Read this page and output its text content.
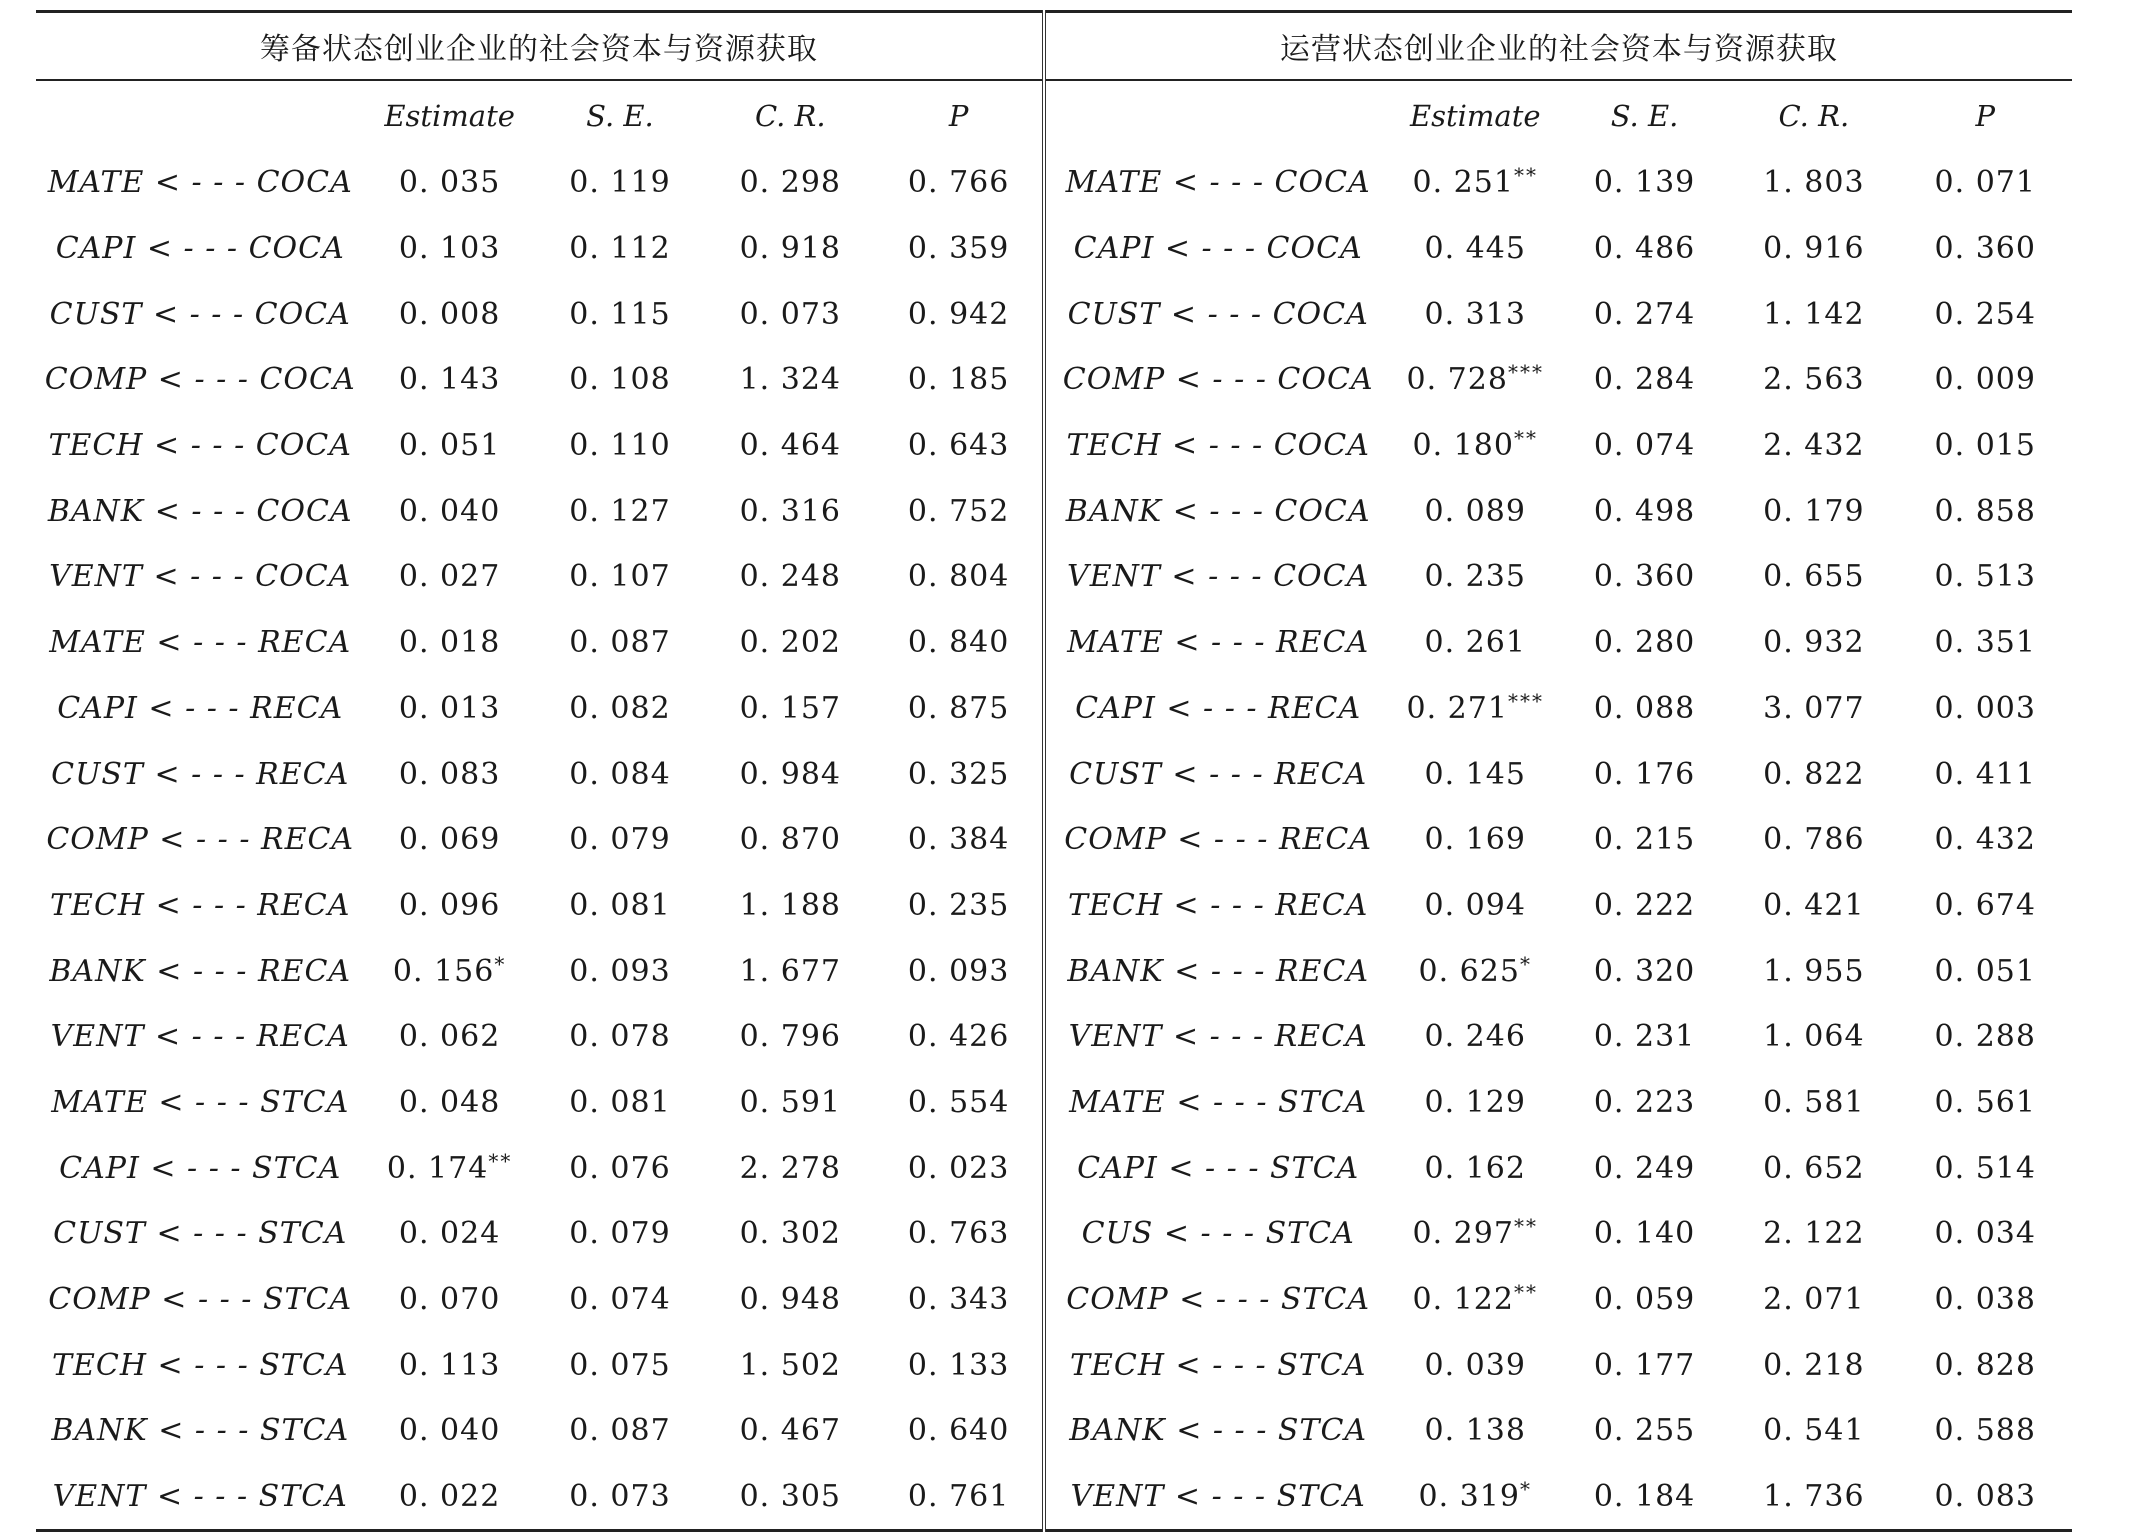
筹备状态创业企业的社会资本与资源获取					运营状态创业企业的社会资本与资源获取				
	Estimate	S. E.	C. R.	P		Estimate	S. E.	C. R.	P
MATE < - - - COCA	0. 035	0. 119	0. 298	0. 766	MATE < - - - COCA	0. 251**	0. 139	1. 803	0. 071
CAPI < - - - COCA	0. 103	0. 112	0. 918	0. 359	CAPI < - - - COCA	0. 445	0. 486	0. 916	0. 360
CUST < - - - COCA	0. 008	0. 115	0. 073	0. 942	CUST < - - - COCA	0. 313	0. 274	1. 142	0. 254
COMP < - - - COCA	0. 143	0. 108	1. 324	0. 185	COMP < - - - COCA	0. 728***	0. 284	2. 563	0. 009
TECH < - - - COCA	0. 051	0. 110	0. 464	0. 643	TECH < - - - COCA	0. 180**	0. 074	2. 432	0. 015
BANK < - - - COCA	0. 040	0. 127	0. 316	0. 752	BANK < - - - COCA	0. 089	0. 498	0. 179	0. 858
VENT < - - - COCA	0. 027	0. 107	0. 248	0. 804	VENT < - - - COCA	0. 235	0. 360	0. 655	0. 513
MATE < - - - RECA	0. 018	0. 087	0. 202	0. 840	MATE < - - - RECA	0. 261	0. 280	0. 932	0. 351
CAPI < - - - RECA	0. 013	0. 082	0. 157	0. 875	CAPI < - - - RECA	0. 271***	0. 088	3. 077	0. 003
CUST < - - - RECA	0. 083	0. 084	0. 984	0. 325	CUST < - - - RECA	0. 145	0. 176	0. 822	0. 411
COMP < - - - RECA	0. 069	0. 079	0. 870	0. 384	COMP < - - - RECA	0. 169	0. 215	0. 786	0. 432
TECH < - - - RECA	0. 096	0. 081	1. 188	0. 235	TECH < - - - RECA	0. 094	0. 222	0. 421	0. 674
BANK < - - - RECA	0. 156*	0. 093	1. 677	0. 093	BANK < - - - RECA	0. 625*	0. 320	1. 955	0. 051
VENT < - - - RECA	0. 062	0. 078	0. 796	0. 426	VENT < - - - RECA	0. 246	0. 231	1. 064	0. 288
MATE < - - - STCA	0. 048	0. 081	0. 591	0. 554	MATE < - - - STCA	0. 129	0. 223	0. 581	0. 561
CAPI < - - - STCA	0. 174**	0. 076	2. 278	0. 023	CAPI < - - - STCA	0. 162	0. 249	0. 652	0. 514
CUST < - - - STCA	0. 024	0. 079	0. 302	0. 763	CUS < - - - STCA	0. 297**	0. 140	2. 122	0. 034
COMP < - - - STCA	0. 070	0. 074	0. 948	0. 343	COMP < - - - STCA	0. 122**	0. 059	2. 071	0. 038
TECH < - - - STCA	0. 113	0. 075	1. 502	0. 133	TECH < - - - STCA	0. 039	0. 177	0. 218	0. 828
BANK < - - - STCA	0. 040	0. 087	0. 467	0. 640	BANK < - - - STCA	0. 138	0. 255	0. 541	0. 588
VENT < - - - STCA	0. 022	0. 073	0. 305	0. 761	VENT < - - - STCA	0. 319*	0. 184	1. 736	0. 083
